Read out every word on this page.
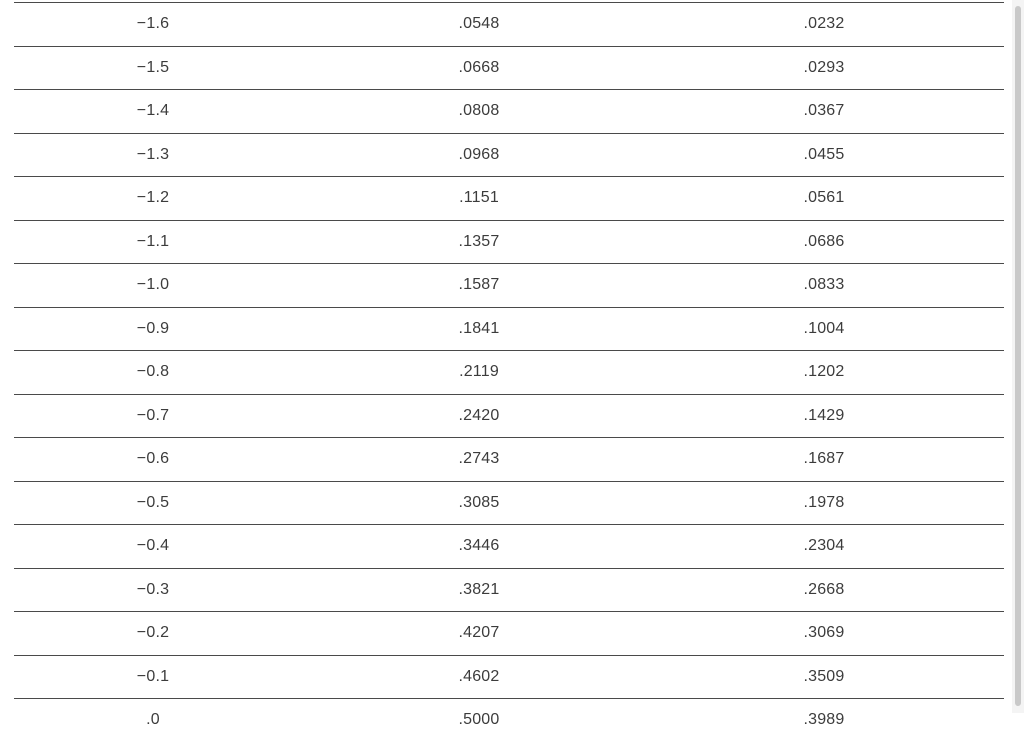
−1.6	.0548	.0232
−1.5	.0668	.0293
−1.4	.0808	.0367
−1.3	.0968	.0455
−1.2	.1151	.0561
−1.1	.1357	.0686
−1.0	.1587	.0833
−0.9	.1841	.1004
−0.8	.2119	.1202
−0.7	.2420	.1429
−0.6	.2743	.1687
−0.5	.3085	.1978
−0.4	.3446	.2304
−0.3	.3821	.2668
−0.2	.4207	.3069
−0.1	.4602	.3509
.0	.5000	.3989
